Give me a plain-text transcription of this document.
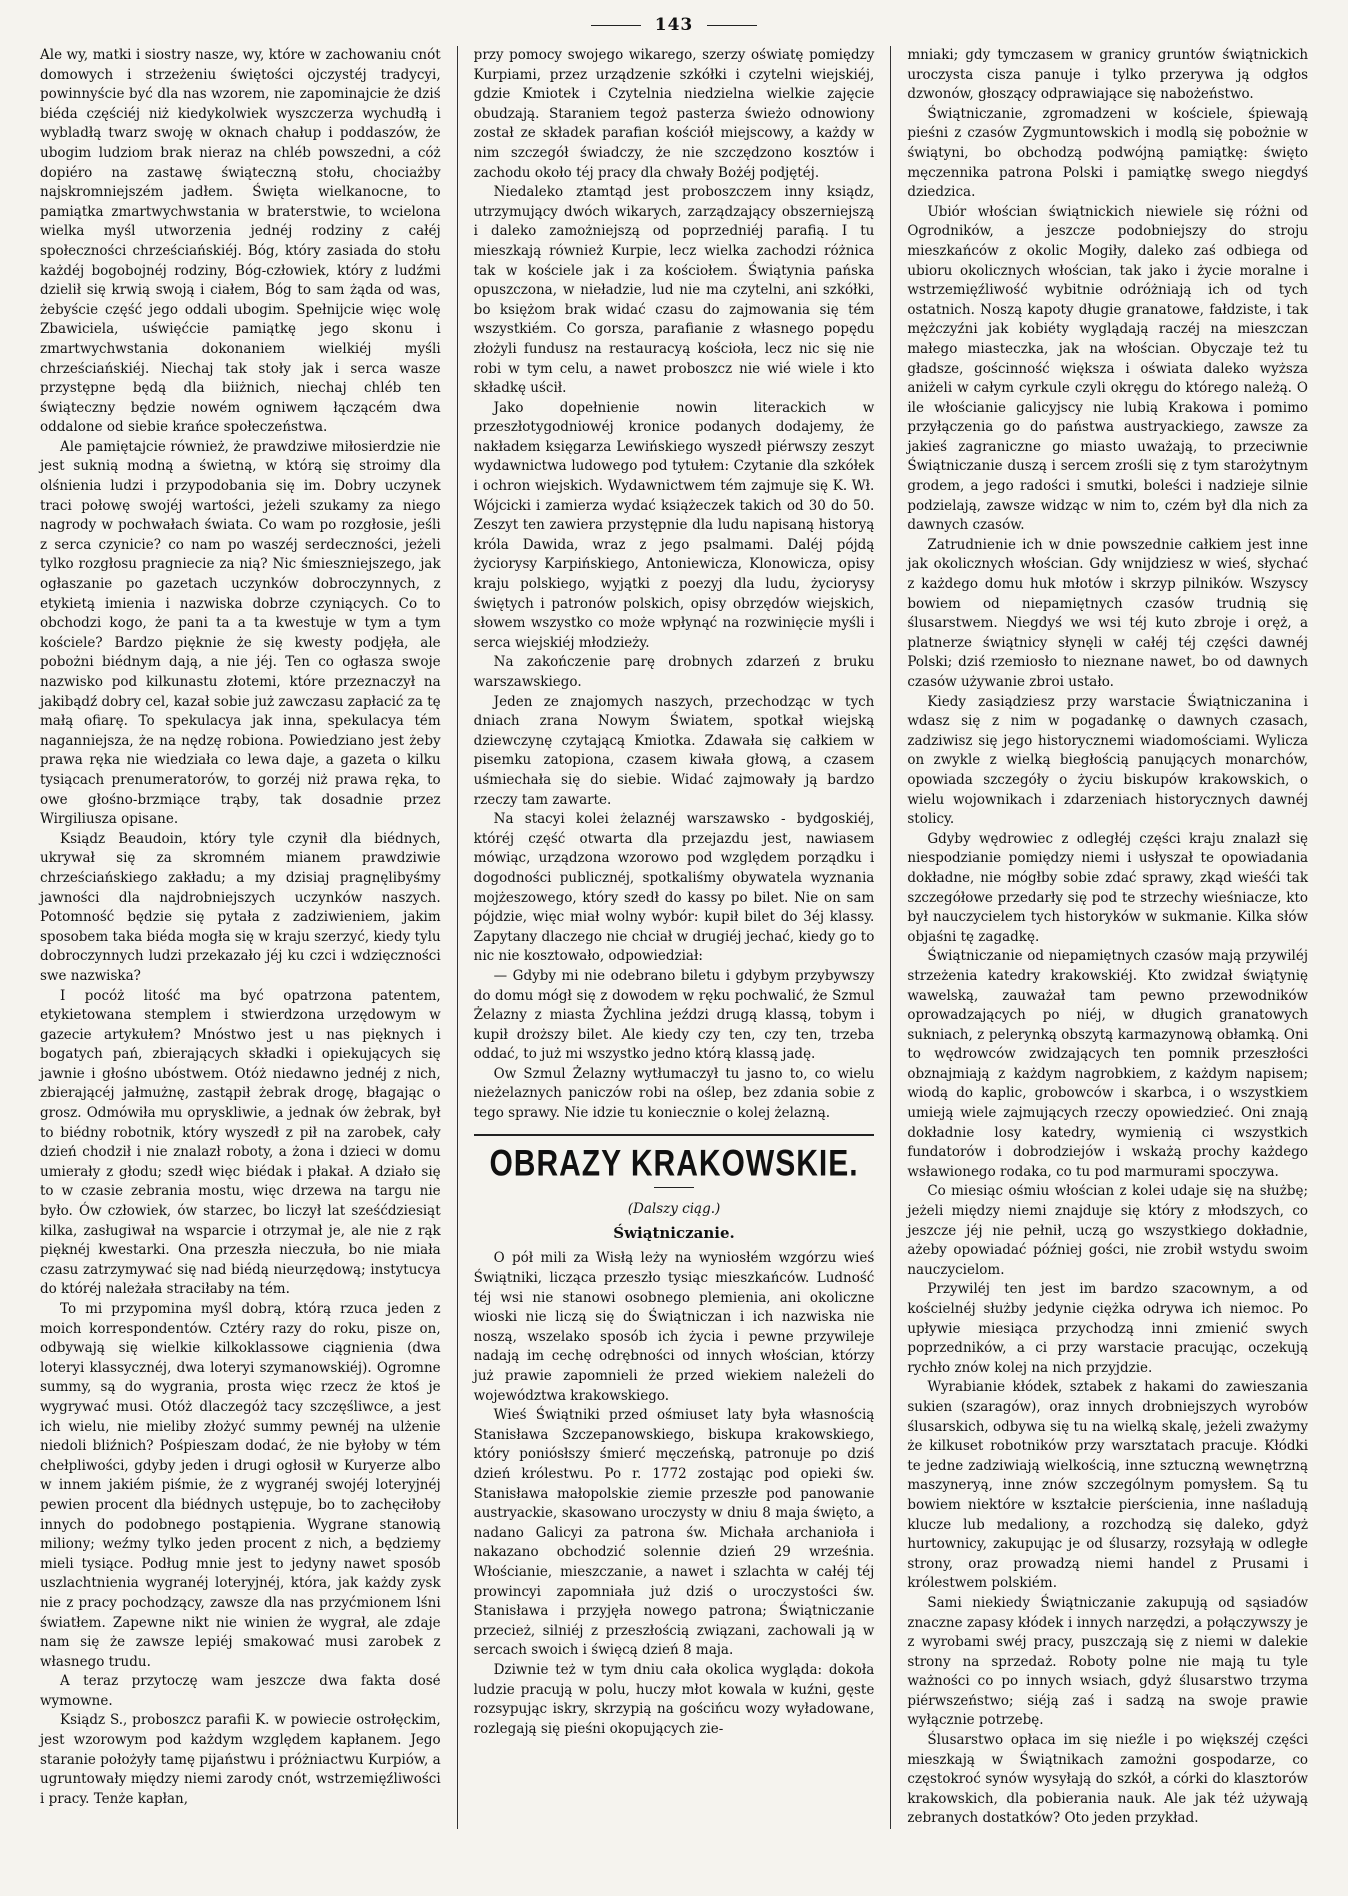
143

Ale wy, matki i siostry nasze, wy, które w zachowaniu cnót domowych i strzeżeniu świętości ojczystéj tradycyi, powinnyście być dla nas wzorem, nie zapominajcie że dziś biéda częściéj niż kiedykolwiek wyszczerza wychudłą i wybladłą twarz swoję w oknach chałup i poddaszów, że ubogim ludziom brak nieraz na chléb powszedni, a cóż dopiéro na zastawę świąteczną stołu, chociażby najskromniejszém jadłem. Święta wielkanocne, to pamiątka zmartwychwstania w braterstwie, to wcielona wielka myśl utworzenia jednéj rodziny z całéj społeczności chrześciańskiéj. Bóg, który zasiada do stołu każdéj bogobojnéj rodziny, Bóg-człowiek, który z ludźmi dzielił się krwią swoją i ciałem, Bóg to sam żąda od was, żebyście część jego oddali ubogim. Spełnijcie więc wolę Zbawiciela, uświęćcie pamiątkę jego skonu i zmartwychwstania dokonaniem wielkiéj myśli chrześciańskiéj. Niechaj tak stoły jak i serca wasze przystępne będą dla biiżnich, niechaj chléb ten świąteczny będzie nowém ogniwem łączącém dwa oddalone od siebie krańce społeczeństwa.

Ale pamiętajcie również, że prawdziwe miłosierdzie nie jest suknią modną a świetną, w którą się stroimy dla olśnienia ludzi i przypodobania się im. Dobry uczynek traci połowę swojéj wartości, jeżeli szukamy za niego nagrody w pochwałach świata. Co wam po rozgłosie, jeśli z serca czynicie? co nam po waszéj serdeczności, jeżeli tylko rozgłosu pragniecie za nią? Nic śmieszniejszego, jak ogłaszanie po gazetach uczynków dobroczynnych, z etykietą imienia i nazwiska dobrze czyniących. Co to obchodzi kogo, że pani ta a ta kwestuje w tym a tym kościele? Bardzo pięknie że się kwesty podjęła, ale pobożni biédnym dają, a nie jéj. Ten co ogłasza swoje nazwisko pod kilkunastu złotemi, które przeznaczył na jakibądź dobry cel, kazał sobie już zawczasu zapłacić za tę małą ofiarę. To spekulacya jak inna, spekulacya tém naganniejsza, że na nędzę robiona. Powiedziano jest żeby prawa ręka nie wiedziała co lewa daje, a gazeta o kilku tysiącach prenumeratorów, to gorzéj niż prawa ręka, to owe głośno-brzmiące trąby, tak dosadnie przez Wirgiliusza opisane.

Ksiądz Beaudoin, który tyle czynił dla biédnych, ukrywał się za skromném mianem prawdziwie chrześciańskiego zakładu; a my dzisiaj pragnęlibyśmy jawności dla najdrobniejszych uczynków naszych. Potomność będzie się pytała z zadziwieniem, jakim sposobem taka biéda mogła się w kraju szerzyć, kiedy tylu dobroczynnych ludzi przekazało jéj ku czci i wdzięczności swe nazwiska?

I pocóż litość ma być opatrzona patentem, etykietowana stemplem i stwierdzona urzędowym w gazecie artykułem? Mnóstwo jest u nas pięknych i bogatych pań, zbierających składki i opiekujących się jawnie i głośno ubóstwem. Otóż niedawno jednéj z nich, zbierającéj jałmużnę, zastąpił żebrak drogę, błagając o grosz. Odmówiła mu opryskliwie, a jednak ów żebrak, był to biédny robotnik, który wyszedł z pił na zarobek, cały dzień chodził i nie znalazł roboty, a żona i dzieci w domu umierały z głodu; szedł więc biédak i płakał. A działo się to w czasie zebrania mostu, więc drzewa na targu nie było. Ów człowiek, ów starzec, bo liczył lat sześćdziesiąt kilka, zasługiwał na wsparcie i otrzymał je, ale nie z rąk pięknéj kwestarki. Ona przeszła nieczuła, bo nie miała czasu zatrzymywać się nad biédą nieurzędową; instytucya do któréj należała straciłaby na tém.

To mi przypomina myśl dobrą, którą rzuca jeden z moich korrespondentów. Cztéry razy do roku, pisze on, odbywają się wielkie kilkoklassowe ciągnienia (dwa loteryi klassycznéj, dwa loteryi szymanowskiéj). Ogromne summy, są do wygrania, prosta więc rzecz że ktoś je wygrywać musi. Otóż dlaczegóż tacy szczęśliwce, a jest ich wielu, nie mieliby złożyć summy pewnéj na ulżenie niedoli bliźnich? Pośpieszam dodać, że nie byłoby w tém chełpliwości, gdyby jeden i drugi ogłosił w Kuryerze albo w innem jakiém piśmie, że z wygranéj swojéj loteryjnéj pewien procent dla biédnych ustępuje, bo to zachęciłoby innych do podobnego postąpienia. Wygrane stanowią miliony; weźmy tylko jeden procent z nich, a będziemy mieli tysiące. Podług mnie jest to jedyny nawet sposób uszlachtnienia wygranéj loteryjnéj, która, jak każdy zysk nie z pracy pochodzący, zawsze dla nas przyćmionem lśni światłem. Zapewne nikt nie winien że wygrał, ale zdaje nam się że zawsze lepiéj smakować musi zarobek z własnego trudu.

A teraz przytoczę wam jeszcze dwa fakta dosé wymowne.

Ksiądz S., proboszcz parafii K. w powiecie ostrołęckim, jest wzorowym pod każdym względem kapłanem. Jego staranie położyły tamę pijaństwu i próżniactwu Kurpiów, a ugruntowały między niemi zarody cnót, wstrzemięźliwości i pracy. Tenże kapłan,

przy pomocy swojego wikarego, szerzy oświatę pomiędzy Kurpiami, przez urządzenie szkółki i czytelni wiejskiéj, gdzie Kmiotek i Czytelnia niedzielna wielkie zajęcie obudzają. Staraniem tegoż pasterza świeżo odnowiony został ze składek parafian kościół miejscowy, a każdy w nim szczegół świadczy, że nie szczędzono kosztów i zachodu około téj pracy dla chwały Bożéj podjętéj.

Niedaleko ztamtąd jest proboszczem inny ksiądz, utrzymujący dwóch wikarych, zarządzający obszerniejszą i daleko zamożniejszą od poprzedniéj parafią. I tu mieszkają również Kurpie, lecz wielka zachodzi różnica tak w kościele jak i za kościołem. Świątynia pańska opuszczona, w nieładzie, lud nie ma czytelni, ani szkółki, bo księżom brak widać czasu do zajmowania się tém wszystkiém. Co gorsza, parafianie z własnego popędu złożyli fundusz na restauracyą kościoła, lecz nic się nie robi w tym celu, a nawet proboszcz nie wié wiele i kto składkę uścił.

Jako dopełnienie nowin literackich w przeszłotygodniowéj kronice podanych dodajemy, że nakładem księgarza Lewińskiego wyszedł piérwszy zeszyt wydawnictwa ludowego pod tytułem: Czytanie dla szkółek i ochron wiejskich. Wydawnictwem tém zajmuje się K. Wł. Wójcicki i zamierza wydać książeczek takich od 30 do 50. Zeszyt ten zawiera przystępnie dla ludu napisaną historyą króla Dawida, wraz z jego psalmami. Daléj pójdą życiorysy Karpińskiego, Antoniewicza, Klonowicza, opisy kraju polskiego, wyjątki z poezyj dla ludu, życiorysy świętych i patronów polskich, opisy obrzędów wiejskich, słowem wszystko co może wpłynąć na rozwinięcie myśli i serca wiejskiéj młodzieży.

Na zakończenie parę drobnych zdarzeń z bruku warszawskiego.

Jeden ze znajomych naszych, przechodząc w tych dniach zrana Nowym Światem, spotkał wiejską dziewczynę czytającą Kmiotka. Zdawała się całkiem w pisemku zatopiona, czasem kiwała głową, a czasem uśmiechała się do siebie. Widać zajmowały ją bardzo rzeczy tam zawarte.

Na stacyi kolei żelaznéj warszawsko - bydgoskiéj, któréj część otwarta dla przejazdu jest, nawiasem mówiąc, urządzona wzorowo pod względem porządku i dogodności publicznéj, spotkaliśmy obywatela wyznania mojżeszowego, który szedł do kassy po bilet. Nie on sam pójdzie, więc miał wolny wybór: kupił bilet do 3éj klassy. Zapytany dlaczego nie chciał w drugiéj jechać, kiedy go to nic nie kosztowało, odpowiedział:

— Gdyby mi nie odebrano biletu i gdybym przybywszy do domu mógł się z dowodem w ręku pochwalić, że Szmul Żelazny z miasta Żychlina jeździ drugą klassą, tobym i kupił droższy bilet. Ale kiedy czy ten, czy ten, trzeba oddać, to już mi wszystko jedno którą klassą jadę.

Ow Szmul Żelazny wytłumaczył tu jasno to, co wielu nieżelaznych paniczów robi na oślep, bez zdania sobie z tego sprawy. Nie idzie tu koniecznie o kolej żelazną.

OBRAZY KRAKOWSKIE.
(Dalszy ciąg.)
Świątniczanie.

O pół mili za Wisłą leży na wyniosłém wzgórzu wieś Świątniki, licząca przeszło tysiąc mieszkańców. Ludność téj wsi nie stanowi osobnego plemienia, ani okoliczne wioski nie liczą się do Świątniczan i ich nazwiska nie noszą, wszelako sposób ich życia i pewne przywileje nadają im cechę odrębności od innych włościan, którzy już prawie zapomnieli że przed wiekiem należeli do województwa krakowskiego.

Wieś Świątniki przed ośmiuset laty była własnością Stanisława Szczepanowskiego, biskupa krakowskiego, który poniósłszy śmierć męczeńską, patronuje po dziś dzień królestwu. Po r. 1772 zostając pod opieki św. Stanisława małopolskie ziemie przeszłe pod panowanie austryackie, skasowano uroczysty w dniu 8 maja święto, a nadano Galicyi za patrona św. Michała archanioła i nakazano obchodzić solennie dzień 29 września. Włościanie, mieszczanie, a nawet i szlachta w całéj téj prowincyi zapomniała już dziś o uroczystości św. Stanisława i przyjęła nowego patrona; Świątniczanie przecież, silniéj z przeszłością związani, zachowali ją w sercach swoich i święcą dzień 8 maja.

Dziwnie też w tym dniu cała okolica wygląda: dokoła ludzie pracują w polu, huczy młot kowala w kuźni, gęste rozsypując iskry, skrzypią na gościńcu wozy wyładowane, rozlegają się pieśni okopujących zie-

mniaki; gdy tymczasem w granicy gruntów świątnickich uroczysta cisza panuje i tylko przerywa ją odgłos dzwonów, głoszący odprawiające się nabożeństwo.

Świątniczanie, zgromadzeni w kościele, śpiewają pieśni z czasów Zygmuntowskich i modlą się pobożnie w świątyni, bo obchodzą podwójną pamiątkę: święto męczennika patrona Polski i pamiątkę swego niegdyś dziedzica.

Ubiór włościan świątnickich niewiele się różni od Ogrodników, a jeszcze podobniejszy do stroju mieszkańców z okolic Mogiły, daleko zaś odbiega od ubioru okolicznych włościan, tak jako i życie moralne i wstrzemięźliwość wybitnie odróżniają ich od tych ostatnich. Noszą kapoty długie granatowe, fałdziste, i tak mężczyźni jak kobiéty wyglądają raczéj na mieszczan małego miasteczka, jak na włościan. Obyczaje też tu gładsze, gościnność większa i oświata daleko wyższa aniżeli w całym cyrkule czyli okręgu do którego należą. O ile włościanie galicyjscy nie lubią Krakowa i pomimo przyłączenia go do państwa austryackiego, zawsze za jakieś zagraniczne go miasto uważają, to przeciwnie Świątniczanie duszą i sercem zrośli się z tym starożytnym grodem, a jego radości i smutki, boleści i nadzieje silnie podzielają, zawsze widząc w nim to, czém był dla nich za dawnych czasów.

Zatrudnienie ich w dnie powszednie całkiem jest inne jak okolicznych włościan. Gdy wnijdziesz w wieś, słychać z każdego domu huk młotów i skrzyp pilników. Wszyscy bowiem od niepamiętnych czasów trudnią się ślusarstwem. Niegdyś we wsi téj kuto zbroje i oręż, a platnerze świątnicy słynęli w całéj téj części dawnéj Polski; dziś rzemiosło to nieznane nawet, bo od dawnych czasów używanie zbroi ustało.

Kiedy zasiądziesz przy warstacie Świątniczanina i wdasz się z nim w pogadankę o dawnych czasach, zadziwisz się jego historycznemi wiadomościami. Wylicza on zwykle z wielką biegłością panujących monarchów, opowiada szczegóły o życiu biskupów krakowskich, o wielu wojownikach i zdarzeniach historycznych dawnéj stolicy.

Gdyby wędrowiec z odległéj części kraju znalazł się niespodzianie pomiędzy niemi i usłyszał te opowiadania dokładne, nie mógłby sobie zdać sprawy, zkąd wieśći tak szczegółowe przedarły się pod te strzechy wieśniacze, kto był nauczycielem tych historyków w sukmanie. Kilka słów objaśni tę zagadkę.

Świątniczanie od niepamiętnych czasów mają przywiléj strzeżenia katedry krakowskiéj. Kto zwidzał świątynię wawelską, zauważał tam pewno przewodników oprowadzających po niéj, w długich granatowych sukniach, z pelerynką obszytą karmazynową obłamką. Oni to wędrowców zwidzających ten pomnik przeszłości obznajmiają z każdym nagrobkiem, z każdym napisem; wiodą do kaplic, grobowców i skarbca, i o wszystkiem umieją wiele zajmujących rzeczy opowiedzieć. Oni znają dokładnie losy katedry, wymienią ci wszystkich fundatorów i dobrodziejów i wskażą prochy każdego wsławionego rodaka, co tu pod marmurami spoczywa.

Co miesiąc ośmiu włościan z kolei udaje się na służbę; jeżeli między niemi znajduje się który z młodszych, co jeszcze jéj nie pełnił, uczą go wszystkiego dokładnie, ażeby opowiadać później gości, nie zrobił wstydu swoim nauczycielom.

Przywiléj ten jest im bardzo szacownym, a od kościelnéj służby jedynie ciężka odrywa ich niemoc. Po upływie miesiąca przychodzą inni zmienić swych poprzedników, a ci przy warstacie pracując, oczekują rychło znów kolej na nich przyjdzie.

Wyrabianie kłódek, sztabek z hakami do zawieszania sukien (szaragów), oraz innych drobniejszych wyrobów ślusarskich, odbywa się tu na wielką skalę, jeżeli zważymy że kilkuset robotników przy warsztatach pracuje. Kłódki te jedne zadziwiają wielkością, inne sztuczną wewnętrzną maszyneryą, inne znów szczególnym pomysłem. Są tu bowiem niektóre w kształcie pierścienia, inne naśladują klucze lub medaliony, a rozchodzą się daleko, gdyż hurtownicy, zakupując je od ślusarzy, rozsyłają w odległe strony, oraz prowadzą niemi handel z Prusami i królestwem polskiém.

Sami niekiedy Świątniczanie zakupują od sąsiadów znaczne zapasy kłódek i innych narzędzi, a połączywszy je z wyrobami swéj pracy, puszczają się z niemi w dalekie strony na sprzedaż. Roboty polne nie mają tu tyle ważności co po innych wsiach, gdyż ślusarstwo trzyma piérwszeństwo; siéją zaś i sadzą na swoje prawie wyłącznie potrzebę.

Ślusarstwo opłaca im się nieźle i po większéj części mieszkają w Świątnikach zamożni gospodarze, co częstokroć synów wysyłają do szkół, a córki do klasztorów krakowskich, dla pobierania nauk. Ale jak téż używają zebranych dostatków? Oto jeden przykład.
